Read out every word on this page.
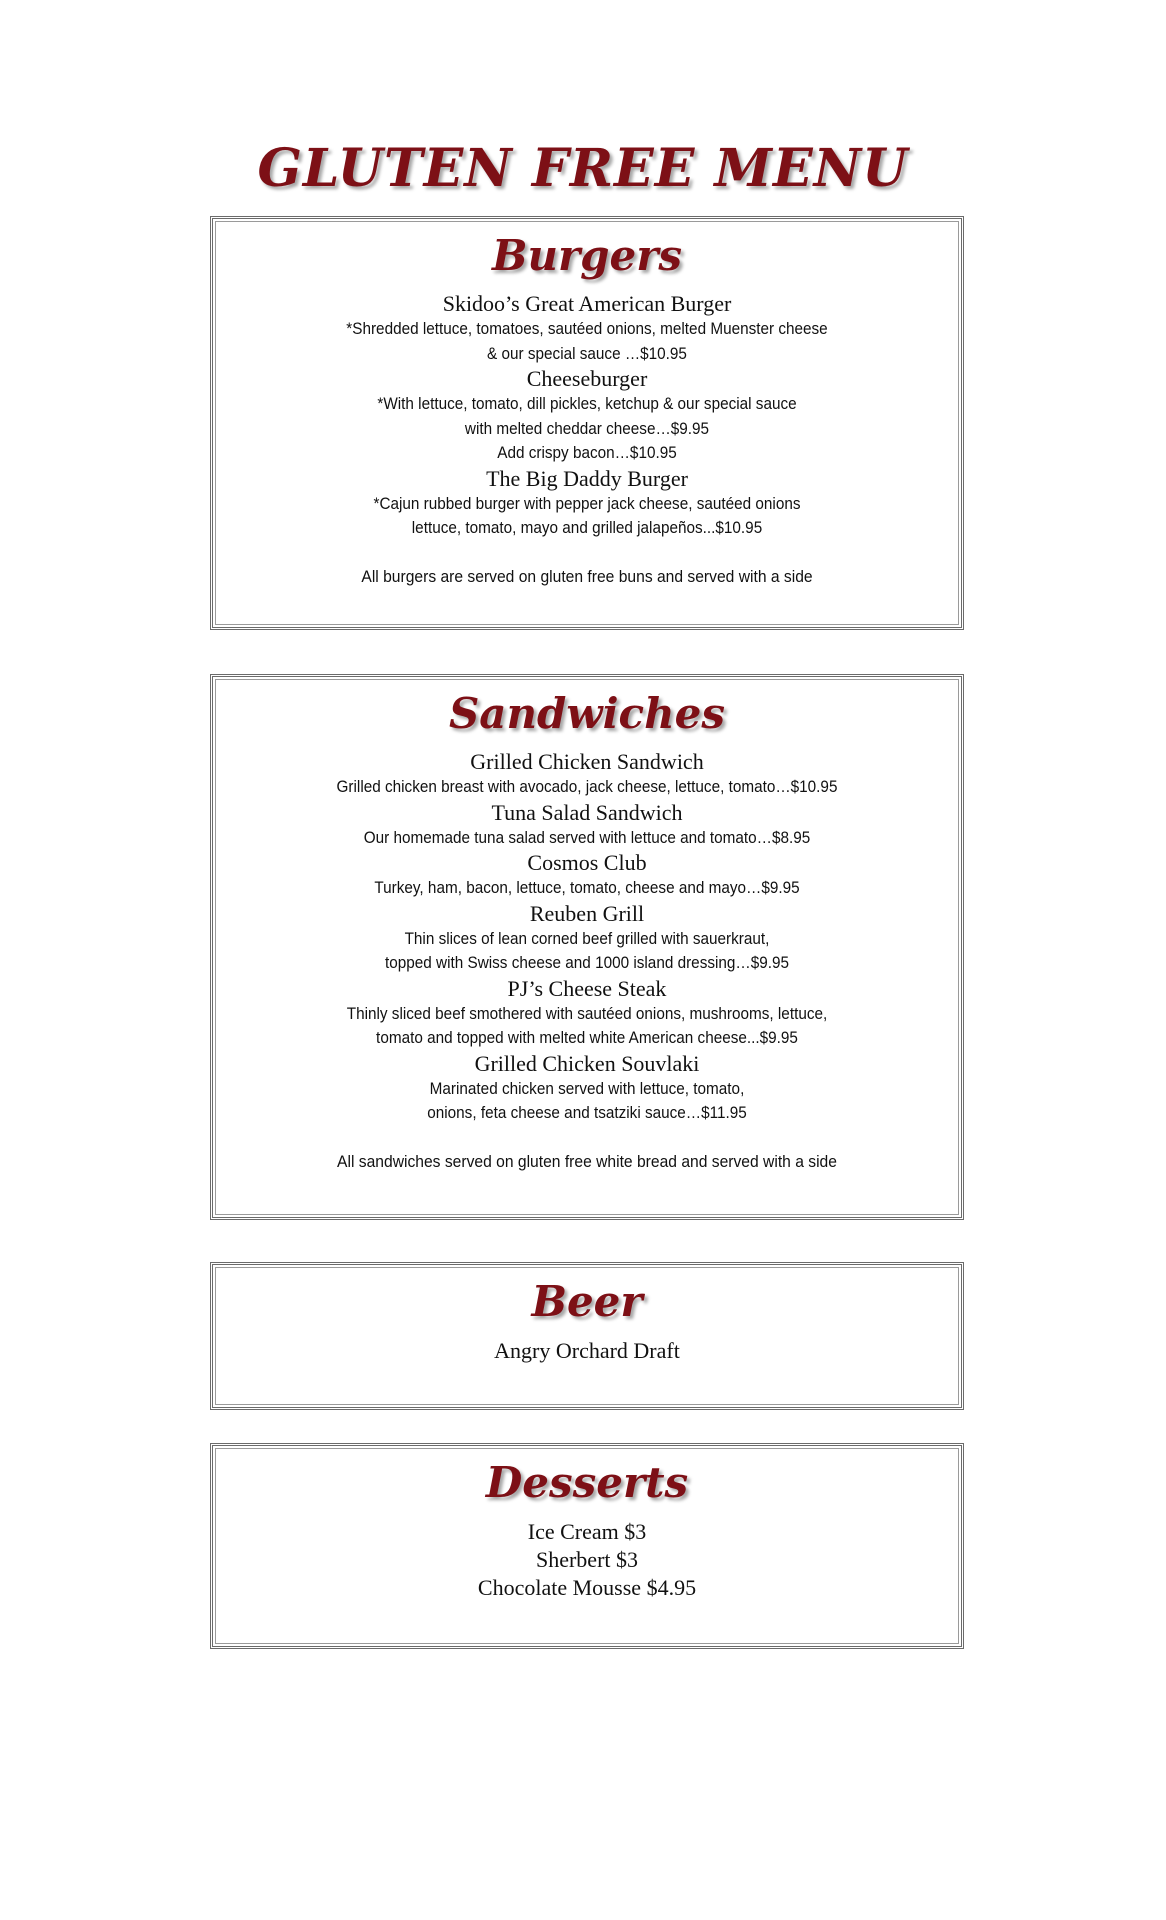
GLUTEN FREE MENU
Burgers
Skidoo’s Great American Burger
*Shredded lettuce, tomatoes, sautéed onions, melted Muenster cheese
& our special sauce …$10.95
Cheeseburger
*With lettuce, tomato, dill pickles, ketchup & our special sauce
with melted cheddar cheese…$9.95
Add crispy bacon…$10.95
The Big Daddy Burger
*Cajun rubbed burger with pepper jack cheese, sautéed onions
lettuce, tomato, mayo and grilled jalapeños...$10.95
All burgers are served on gluten free buns and served with a side
Sandwiches
Grilled Chicken Sandwich
Grilled chicken breast with avocado, jack cheese, lettuce, tomato…$10.95
Tuna Salad Sandwich
Our homemade tuna salad served with lettuce and tomato…$8.95
Cosmos Club
Turkey, ham, bacon, lettuce, tomato, cheese and mayo…$9.95
Reuben Grill
Thin slices of lean corned beef grilled with sauerkraut,
topped with Swiss cheese and 1000 island dressing…$9.95
PJ’s Cheese Steak
Thinly sliced beef smothered with sautéed onions, mushrooms, lettuce,
tomato and topped with melted white American cheese...$9.95
Grilled Chicken Souvlaki
Marinated chicken served with lettuce, tomato,
onions, feta cheese and tsatziki sauce…$11.95
All sandwiches served on gluten free white bread and served with a side
Beer
Angry Orchard Draft
Desserts
Ice Cream $3
Sherbert $3
Chocolate Mousse $4.95
